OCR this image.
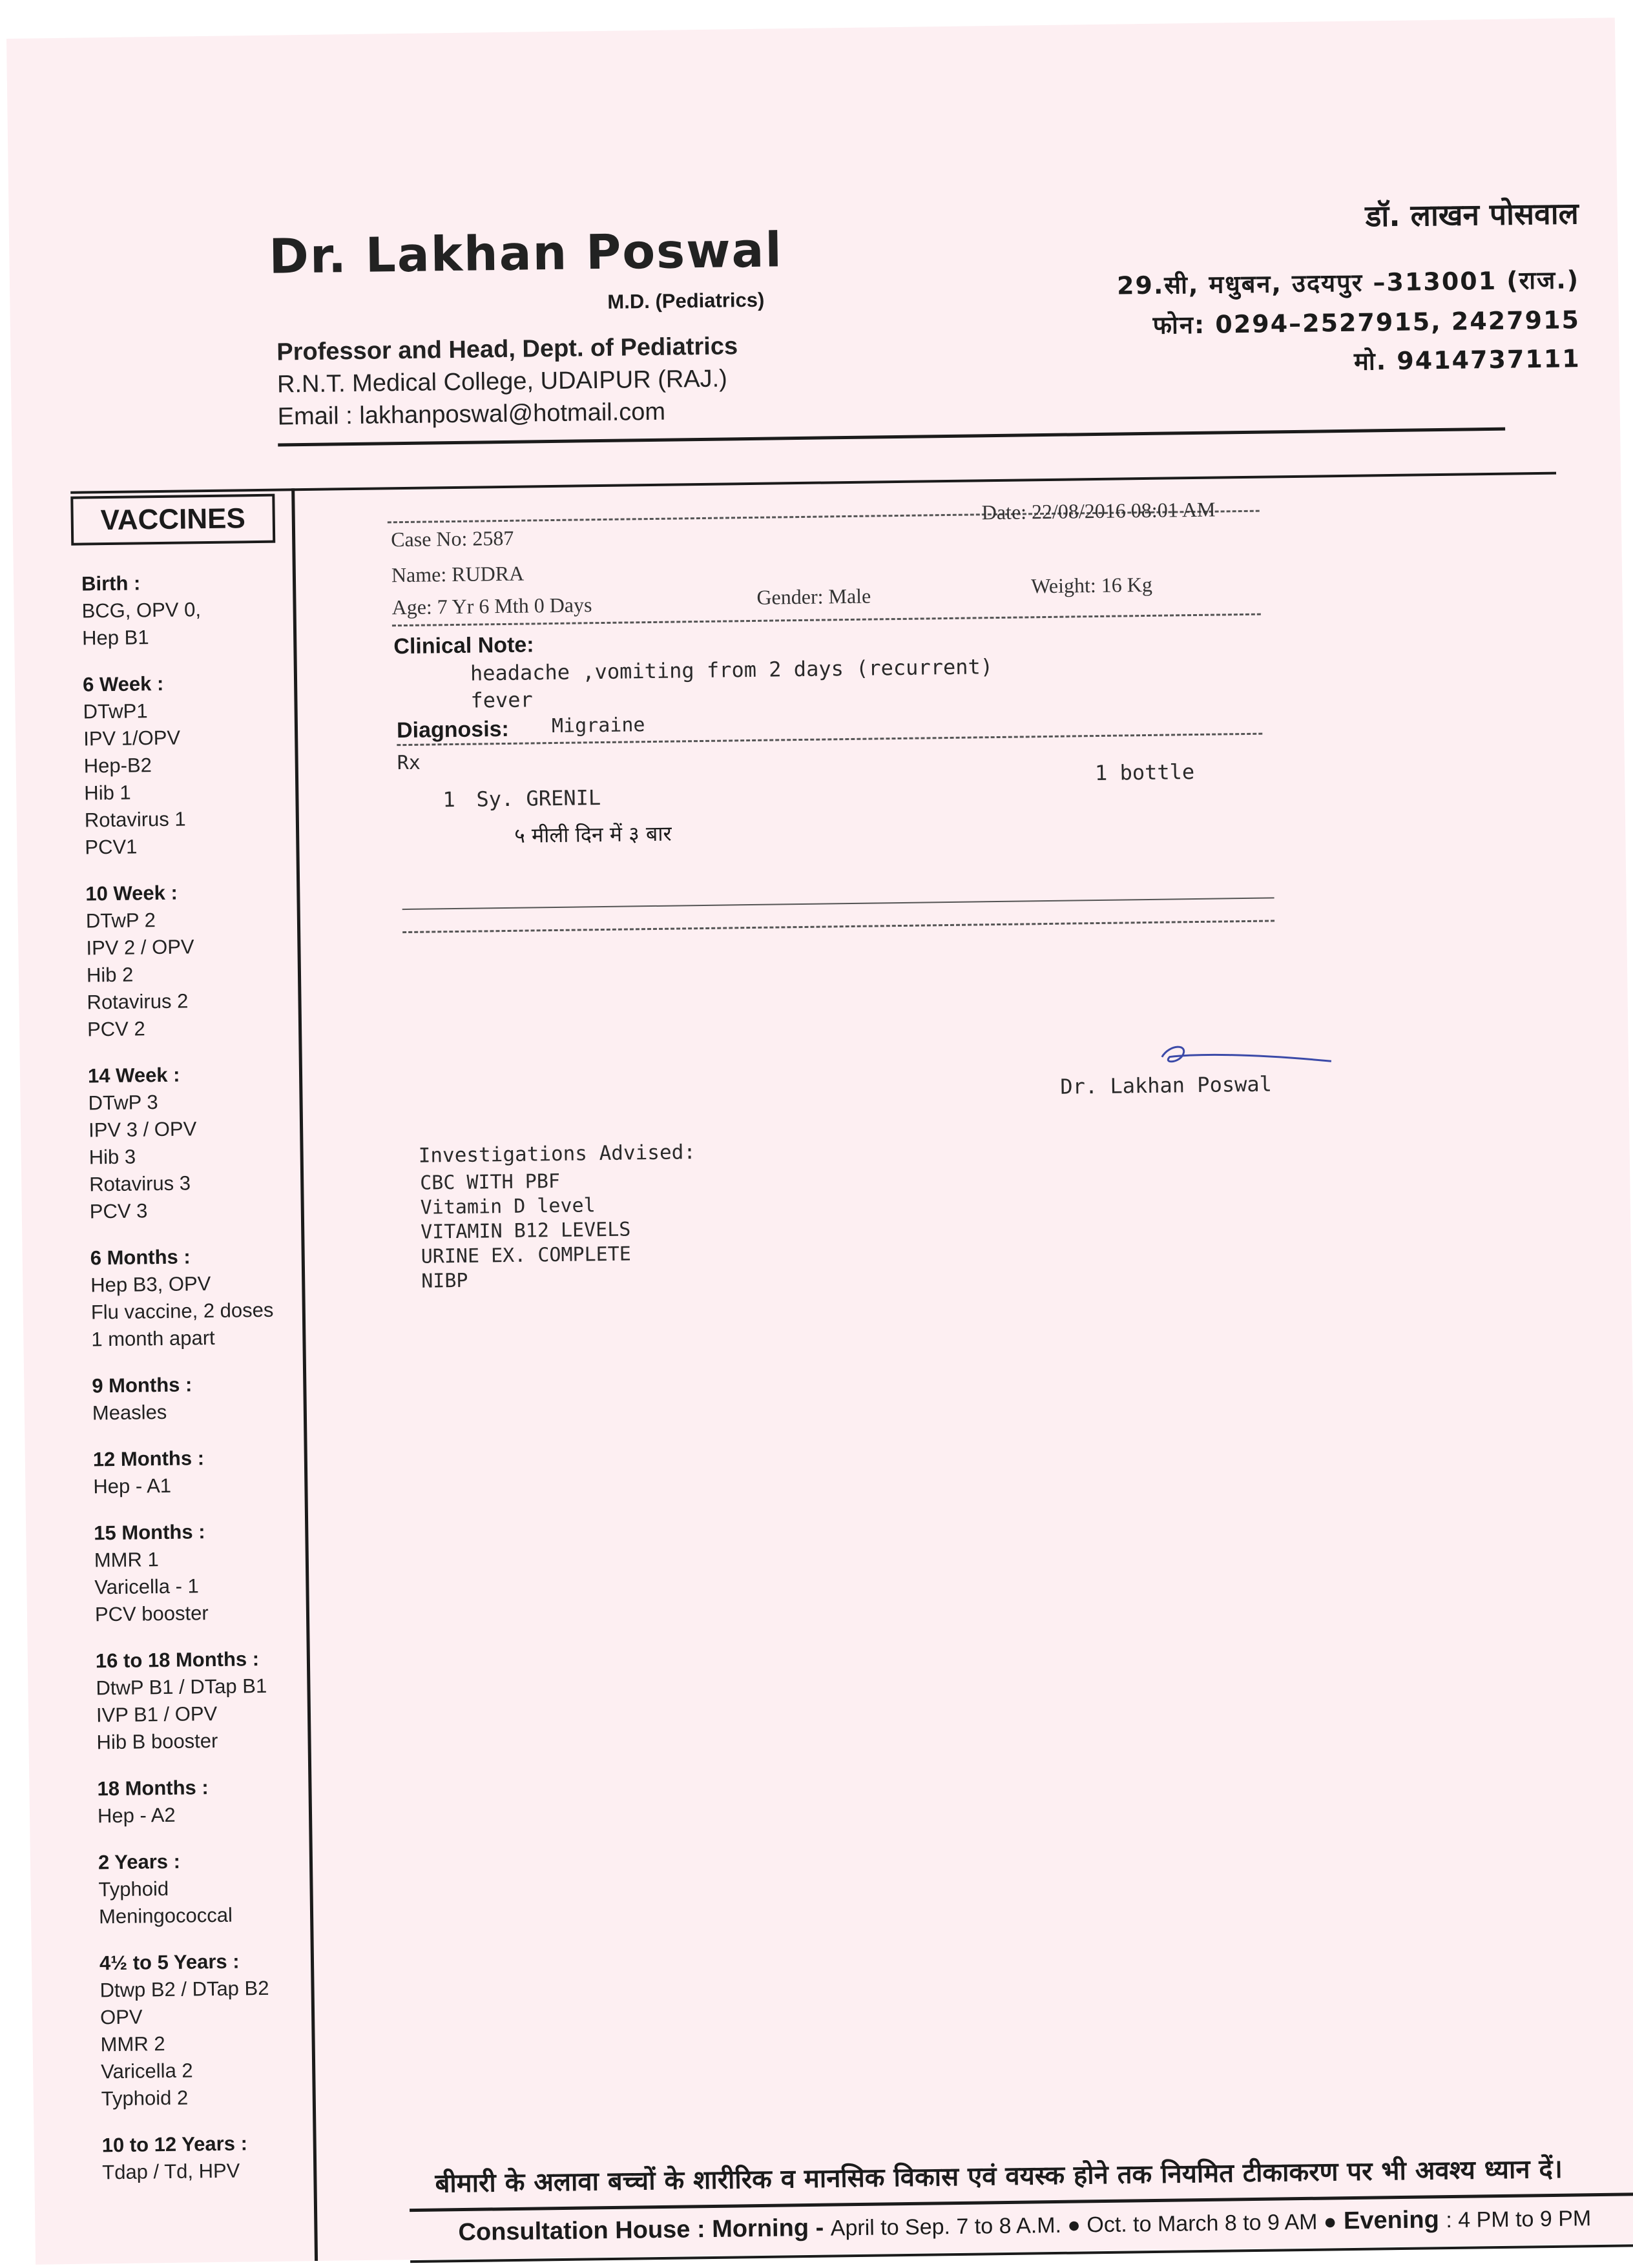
Dr. Lakhan Poswal
M.D. (Pediatrics)
Professor and Head, Dept. of Pediatrics
R.N.T. Medical College, UDAIPUR (RAJ.)
Email : lakhanposwal@hotmail.com
डॉ. लाखन पोसवाल
29.सी, मधुबन, उदयपुर –313001 (राज.)
फोन: 0294–2527915, 2427915
मो. 9414737111
VACCINES
Birth :
BCG, OPV 0,
Hep B1
6 Week :
DTwP1
IPV 1/OPV
Hep-B2
Hib 1
Rotavirus 1
PCV1
10 Week :
DTwP 2
IPV 2 / OPV
Hib 2
Rotavirus 2
PCV 2
14 Week :
DTwP 3
IPV 3 / OPV
Hib 3
Rotavirus 3
PCV 3
6 Months :
Hep B3, OPV
Flu vaccine, 2 doses
1 month apart
9 Months :
Measles
12 Months :
Hep - A1
15 Months :
MMR 1
Varicella - 1
PCV booster
16 to 18 Months :
DtwP B1 / DTap B1
IVP B1 / OPV
Hib B booster
18 Months :
Hep - A2
2 Years :
Typhoid
Meningococcal
4½ to 5 Years :
Dtwp B2 / DTap B2
OPV
MMR 2
Varicella 2
Typhoid 2
10 to 12 Years :
Tdap / Td, HPV
Case No: 2587
Date: 22/08/2016 08:01 AM
Name: RUDRA
Age: 7 Yr 6 Mth 0 Days	Gender: Male	Weight: 16 Kg
Clinical Note:
headache ,vomiting from 2 days (recurrent)
fever
Diagnosis: Migraine
Rx
1 Sy. GRENIL
५ मीली दिन में ३ बार
1 bottle
Dr. Lakhan Poswal
Investigations Advised:
CBC WITH PBF
Vitamin D level
VITAMIN B12 LEVELS
URINE EX. COMPLETE
NIBP
बीमारी के अलावा बच्चों के शारीरिक व मानसिक विकास एवं वयस्क होने तक नियमित टीकाकरण पर भी अवश्य ध्यान दें।
Consultation House : Morning - April to Sep. 7 to 8 A.M. ● Oct. to March 8 to 9 AM ● Evening : 4 PM to 9 PM
